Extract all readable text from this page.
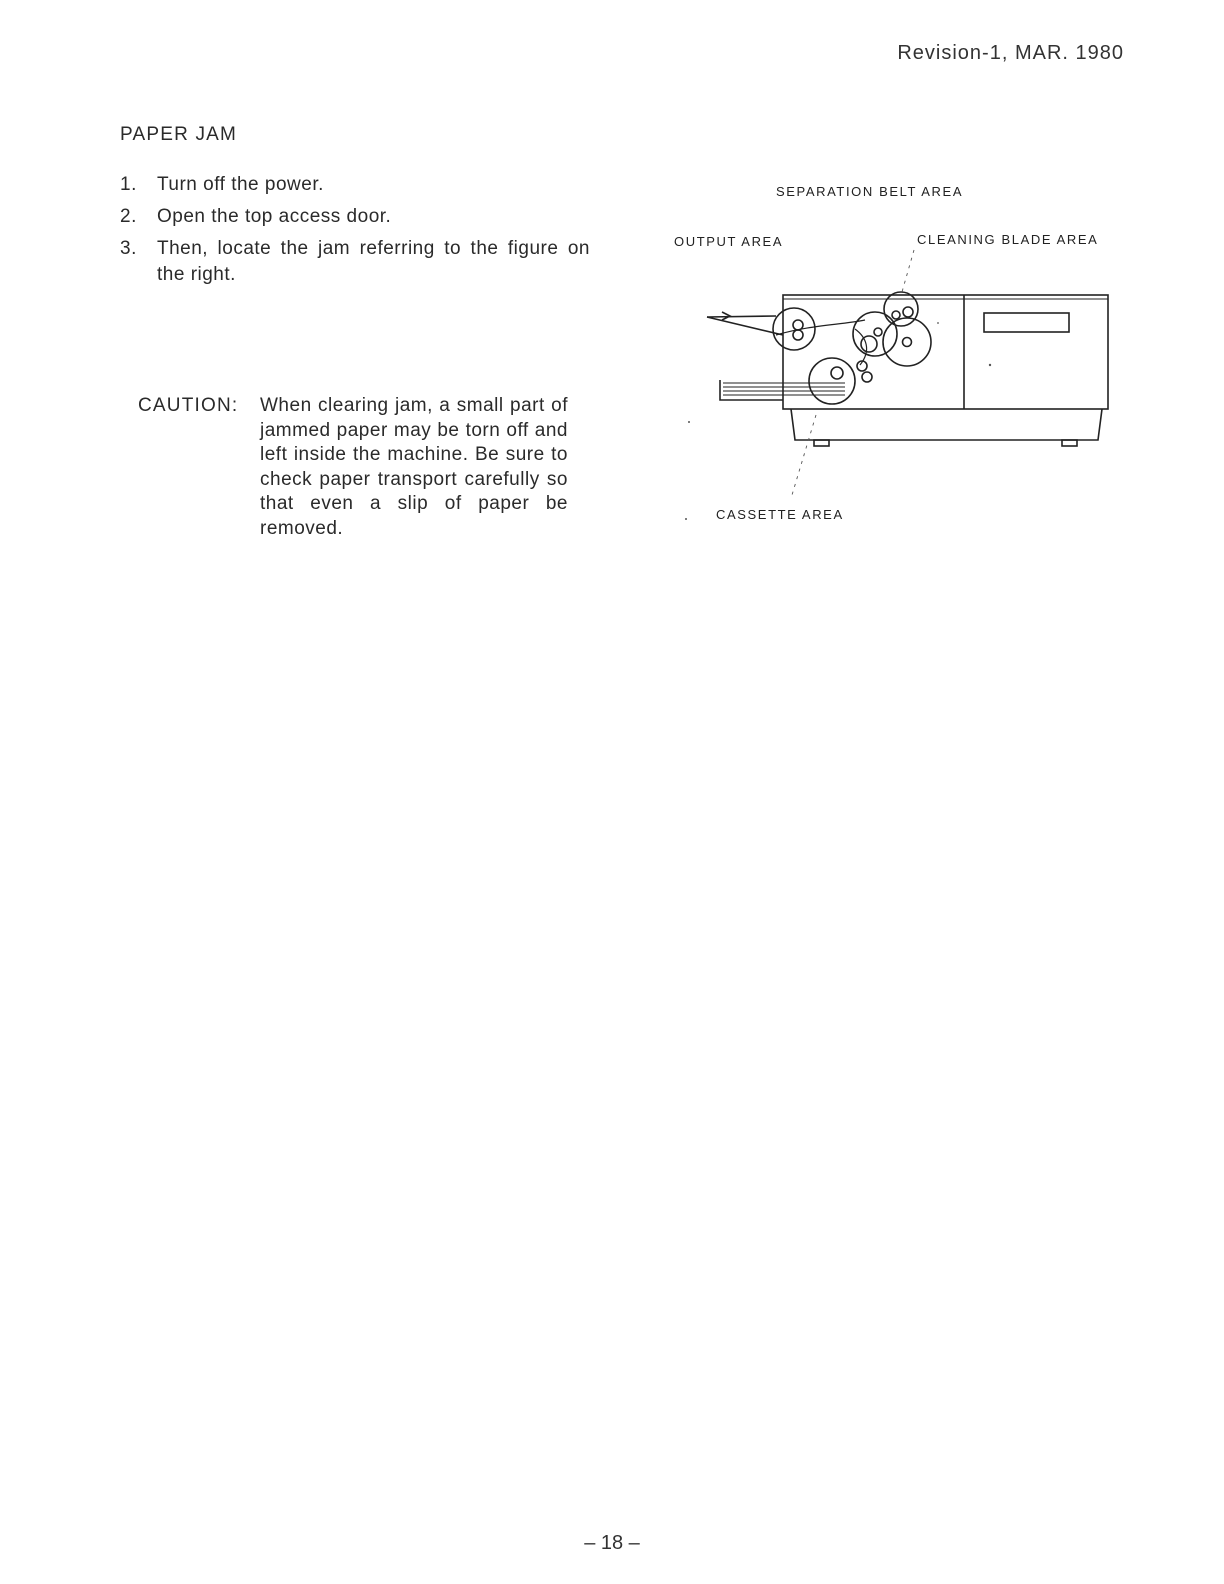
Revision-1, MAR. 1980
PAPER JAM
1.	Turn off the power.
2.	Open the top access door.
3.	Then, locate the jam referring to the figure on the right.
CAUTION:	When clearing jam, a small part of jammed paper may be torn off and left inside the machine. Be sure to check paper transport carefully so that even a slip of paper be removed.
SEPARATION BELT AREA
OUTPUT AREA	CLEANING BLADE AREA
CASSETTE AREA
– 18 –
